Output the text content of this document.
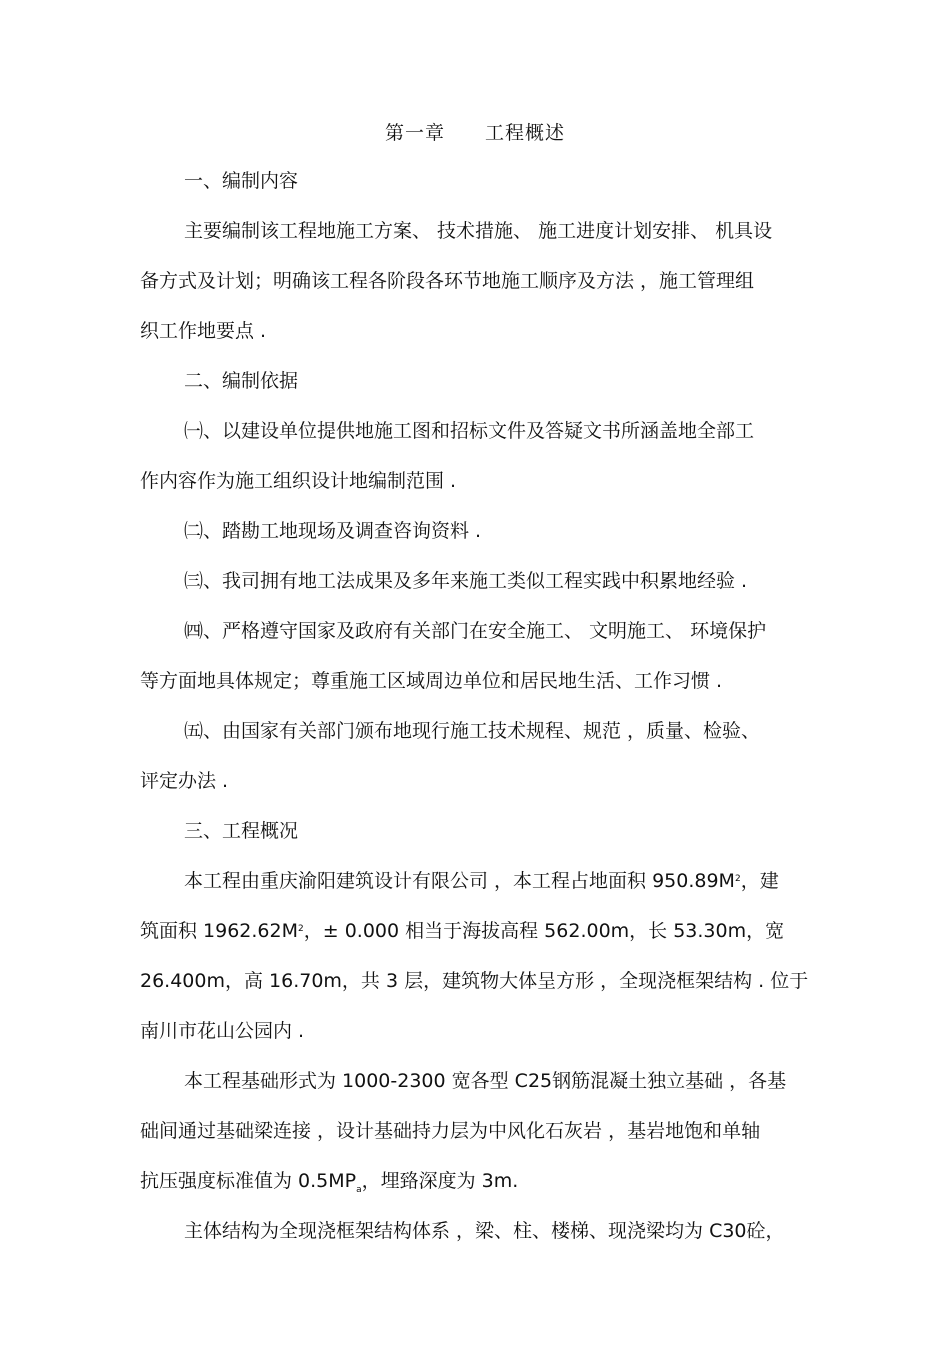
第一章 工程概述
一、编制内容
主要编制该工程地施工方案、 技术措施、 施工进度计划安排、 机具设
备方式及计划；明确该工程各阶段各环节地施工顺序及方法 ，施工管理组
织工作地要点 .
二、编制依据
㈠、以建设单位提供地施工图和招标文件及答疑文书所涵盖地全部工
作内容作为施工组织设计地编制范围 .
㈡、踏勘工地现场及调查咨询资料 .
㈢、我司拥有地工法成果及多年来施工类似工程实践中积累地经验 .
㈣、严格遵守国家及政府有关部门在安全施工、 文明施工、 环境保护
等方面地具体规定；尊重施工区域周边单位和居民地生活、工作习惯 .
㈤、由国家有关部门颁布地现行施工技术规程、规范 ，质量、检验、
评定办法 .
三、工程概况
本工程由重庆渝阳建筑设计有限公司 ，本工程占地面积 $950.89M^2$，建
筑面积 $1962.62M^2$，± 0.000 相当于海拔高程 562.00m，长 53.30m，宽
26.400m，高 16.70m，共 3 层，建筑物大体呈方形 ，全现浇框架结构 . 位于
南川市花山公园内 .
本工程基础形式为 1000-2300 宽各型 C25钢筋混凝土独立基础 ，各基
础间通过基础梁连接 ，设计基础持力层为中风化石灰岩 ，基岩地饱和单轴
抗压强度标准值为 $0.5MP_a$，埋臵深度为 3m.
主体结构为全现浇框架结构体系 ，梁、柱、楼梯、现浇梁均为 C30砼，
